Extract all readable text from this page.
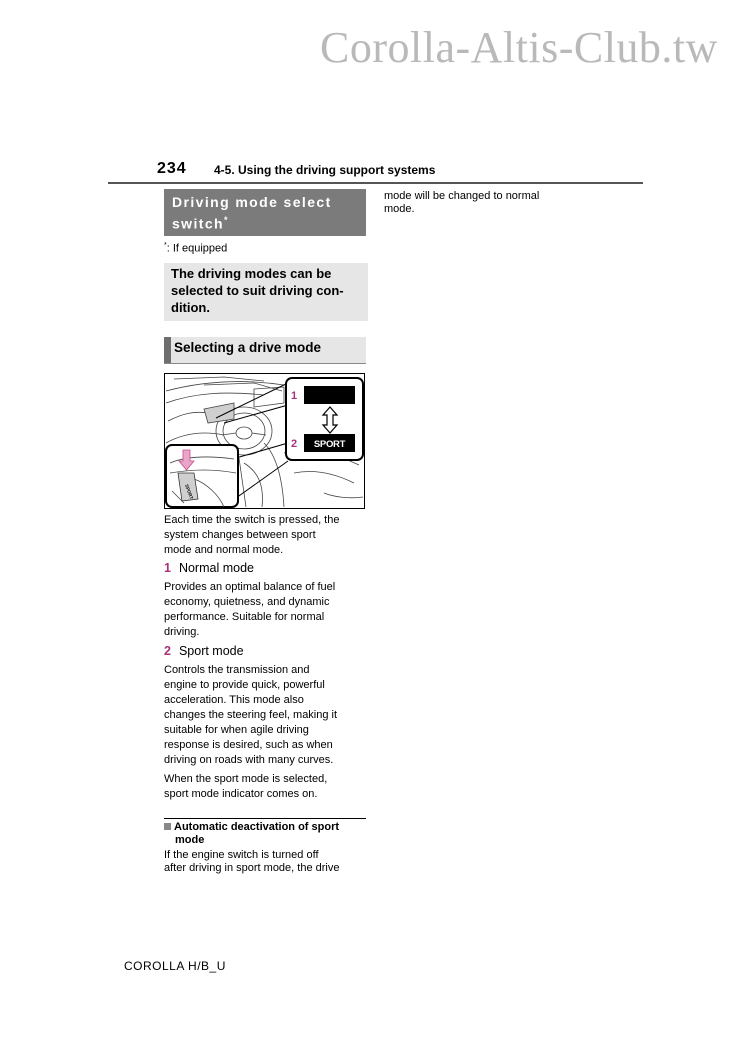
Corolla-Altis-Club.tw
234 4-5. Using the driving support systems
Driving mode select
switch*
*: If equipped
The driving modes can be
selected to suit driving con-
dition.
Selecting a drive mode
1
2 SPORT
SPORT
Each time the switch is pressed, the
system changes between sport
mode and normal mode.
1 Normal mode
Provides an optimal balance of fuel
economy, quietness, and dynamic
performance. Suitable for normal
driving.
2 Sport mode
Controls the transmission and
engine to provide quick, powerful
acceleration. This mode also
changes the steering feel, making it
suitable for when agile driving
response is desired, such as when
driving on roads with many curves.
When the sport mode is selected,
sport mode indicator comes on.
Automatic deactivation of sport
mode
If the engine switch is turned off
after driving in sport mode, the drive
mode will be changed to normal
mode.
COROLLA H/B_U
